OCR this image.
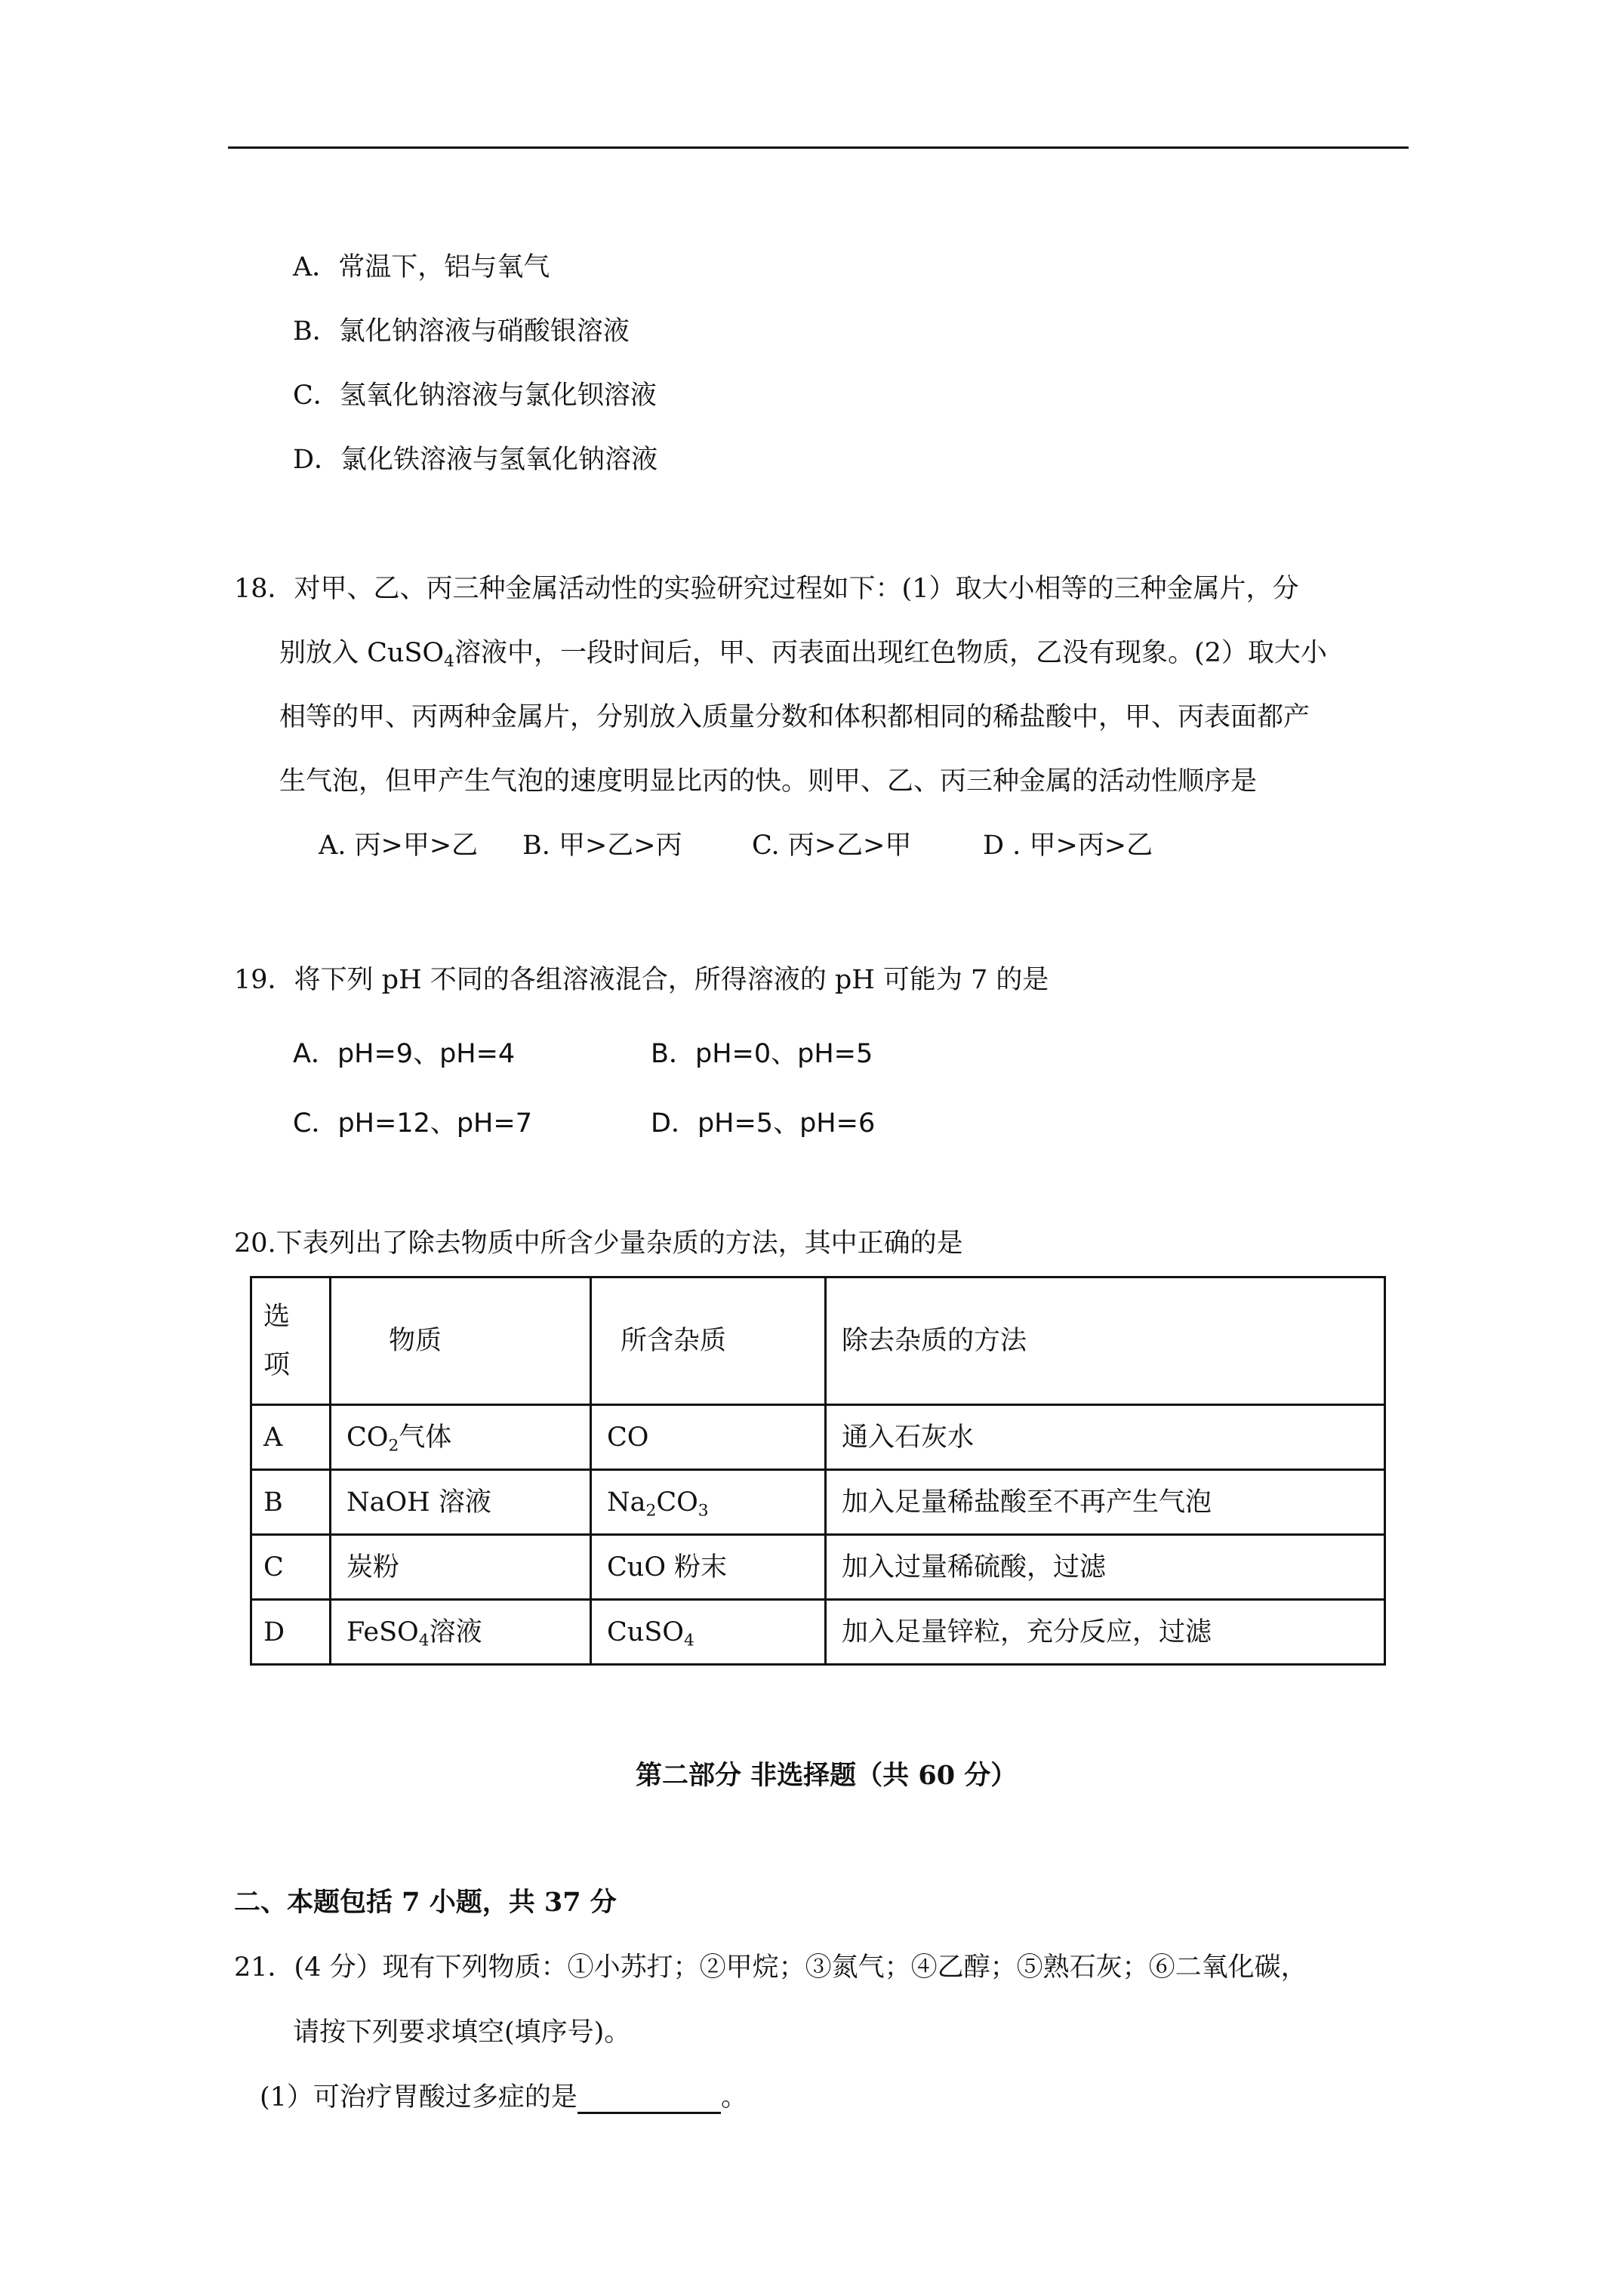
A．常温下，铝与氧气
B．氯化钠溶液与硝酸银溶液
C．氢氧化钠溶液与氯化钡溶液
D．氯化铁溶液与氢氧化钠溶液
18．对甲、乙、丙三种金属活动性的实验研究过程如下：(1）取大小相等的三种金属片，分
别放入 CuSO$_4$溶液中，一段时间后，甲、丙表面出现红色物质，乙没有现象。(2）取大小
相等的甲、丙两种金属片，分别放入质量分数和体积都相同的稀盐酸中，甲、丙表面都产
生气泡，但甲产生气泡的速度明显比丙的快。则甲、乙、丙三种金属的活动性顺序是
A. 丙>甲>乙 B. 甲>乙>丙	C. 丙>乙>甲	D . 甲>丙>乙
19．将下列 pH 不同的各组溶液混合，所得溶液的 pH 可能为 7 的是
A．pH=9、pH=4	B．pH=0、pH=5
C．pH=12、pH=7	D．pH=5、pH=6
20.下表列出了除去物质中所含少量杂质的方法，其中正确的是
选
项	物质	所含杂质	除去杂质的方法
A	$CO_2$气体	CO	通入石灰水
B	NaOH 溶液	$Na_2CO_3$	加入足量稀盐酸至不再产生气泡
C	炭粉	CuO 粉末	加入过量稀硫酸，过滤
D	FeSO$_4$溶液	CuSO$_4$	加入足量锌粒，充分反应，过滤
第二部分 非选择题（共 60 分）
二、本题包括 7 小题，共 37 分
21．(4 分）现有下列物质：①小苏打；②甲烷；③氮气；④乙醇；⑤熟石灰；⑥二氧化碳，
请按下列要求填空(填序号)。
(1）可治疗胃酸过多症的是	。
